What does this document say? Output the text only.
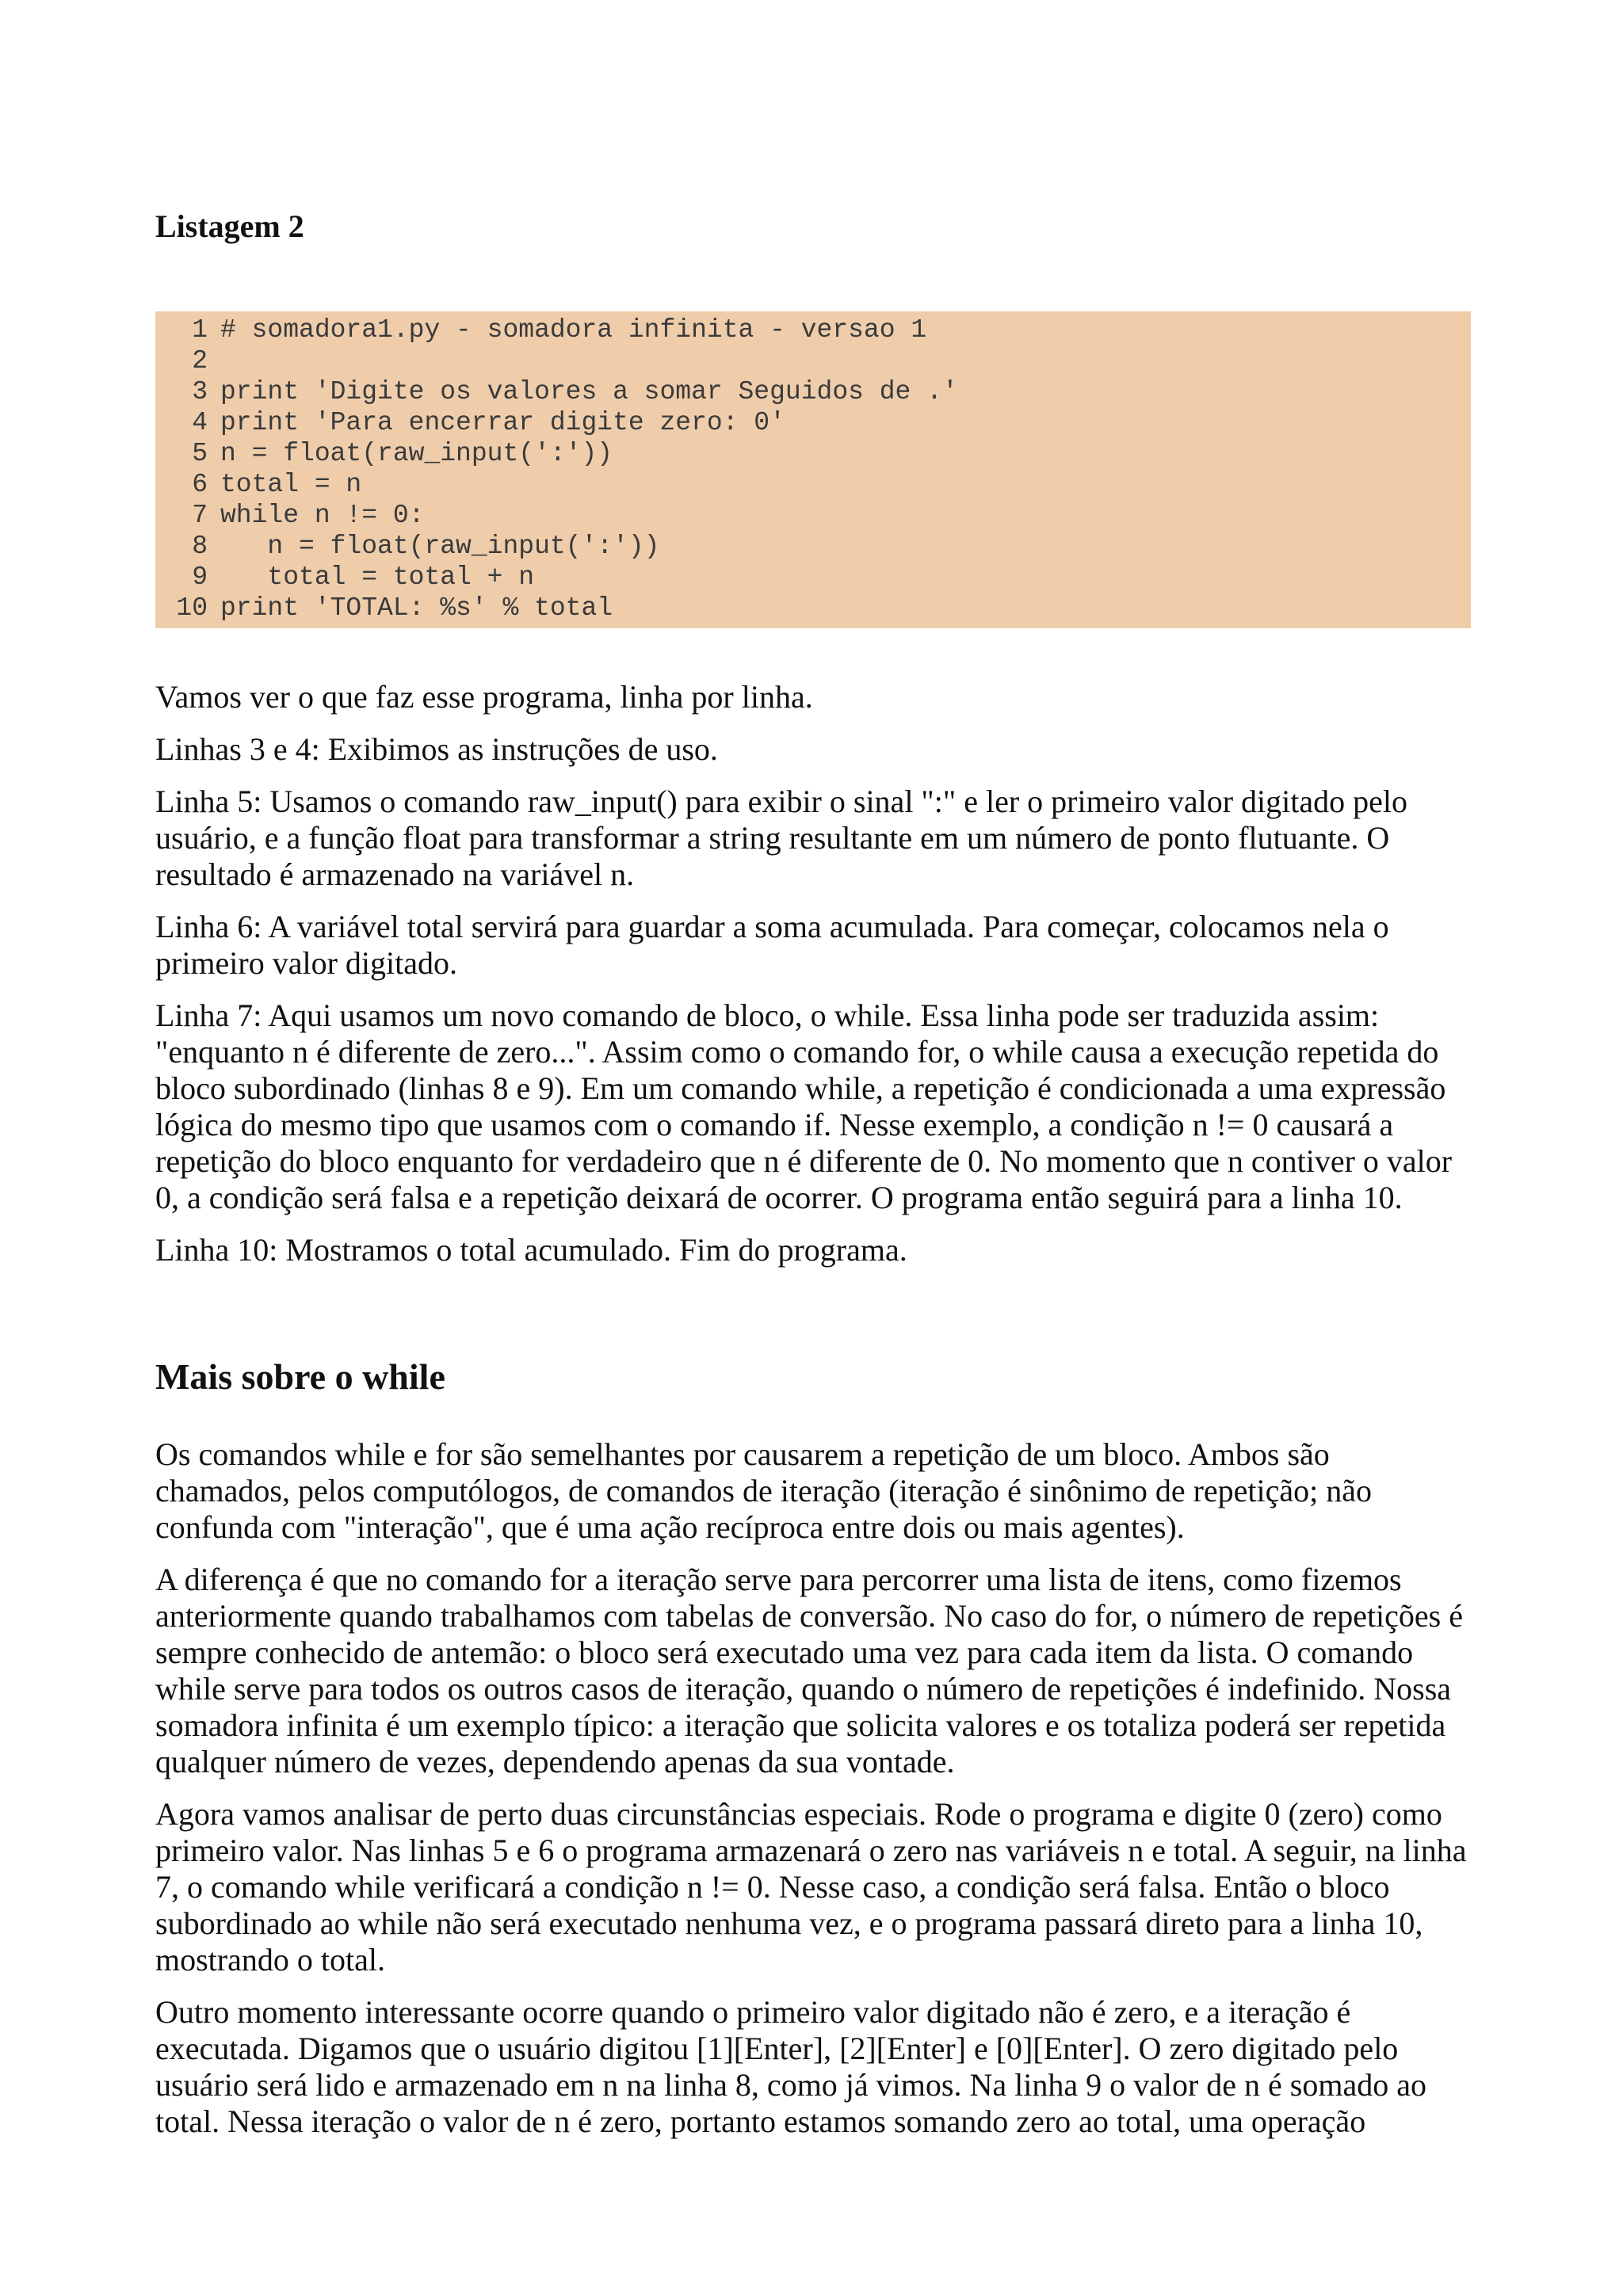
Listagem 2
1 # somadora1.py - somadora infinita - versao 1
2
3 print 'Digite os valores a somar Seguidos de .'
4 print 'Para encerrar digite zero: 0'
5 n = float(raw_input(':'))
6 total = n
7 while n != 0:
8 n = float(raw_input(':'))
9 total = total + n
10 print 'TOTAL: %s' % total

Vamos ver o que faz esse programa, linha por linha.

Linhas 3 e 4: Exibimos as instruções de uso.

Linha 5: Usamos o comando raw_input() para exibir o sinal ":" e ler o primeiro valor digitado pelo usuário, e a função float para transformar a string resultante em um número de ponto flutuante. O resultado é armazenado na variável n.

Linha 6: A variável total servirá para guardar a soma acumulada. Para começar, colocamos nela o primeiro valor digitado.

Linha 7: Aqui usamos um novo comando de bloco, o while. Essa linha pode ser traduzida assim: "enquanto n é diferente de zero...". Assim como o comando for, o while causa a execução repetida do bloco subordinado (linhas 8 e 9). Em um comando while, a repetição é condicionada a uma expressão lógica do mesmo tipo que usamos com o comando if. Nesse exemplo, a condição n != 0 causará a repetição do bloco enquanto for verdadeiro que n é diferente de 0. No momento que n contiver o valor 0, a condição será falsa e a repetição deixará de ocorrer. O programa então seguirá para a linha 10.

Linha 10: Mostramos o total acumulado. Fim do programa.

Mais sobre o while

Os comandos while e for são semelhantes por causarem a repetição de um bloco. Ambos são chamados, pelos computólogos, de comandos de iteração (iteração é sinônimo de repetição; não confunda com "interação", que é uma ação recíproca entre dois ou mais agentes).

A diferença é que no comando for a iteração serve para percorrer uma lista de itens, como fizemos anteriormente quando trabalhamos com tabelas de conversão. No caso do for, o número de repetições é sempre conhecido de antemão: o bloco será executado uma vez para cada item da lista. O comando while serve para todos os outros casos de iteração, quando o número de repetições é indefinido. Nossa somadora infinita é um exemplo típico: a iteração que solicita valores e os totaliza poderá ser repetida qualquer número de vezes, dependendo apenas da sua vontade.

Agora vamos analisar de perto duas circunstâncias especiais. Rode o programa e digite 0 (zero) como primeiro valor. Nas linhas 5 e 6 o programa armazenará o zero nas variáveis n e total. A seguir, na linha 7, o comando while verificará a condição n != 0. Nesse caso, a condição será falsa. Então o bloco subordinado ao while não será executado nenhuma vez, e o programa passará direto para a linha 10, mostrando o total.

Outro momento interessante ocorre quando o primeiro valor digitado não é zero, e a iteração é executada. Digamos que o usuário digitou [1][Enter], [2][Enter] e [0][Enter]. O zero digitado pelo usuário será lido e armazenado em n na linha 8, como já vimos. Na linha 9 o valor de n é somado ao total. Nessa iteração o valor de n é zero, portanto estamos somando zero ao total, uma operação
